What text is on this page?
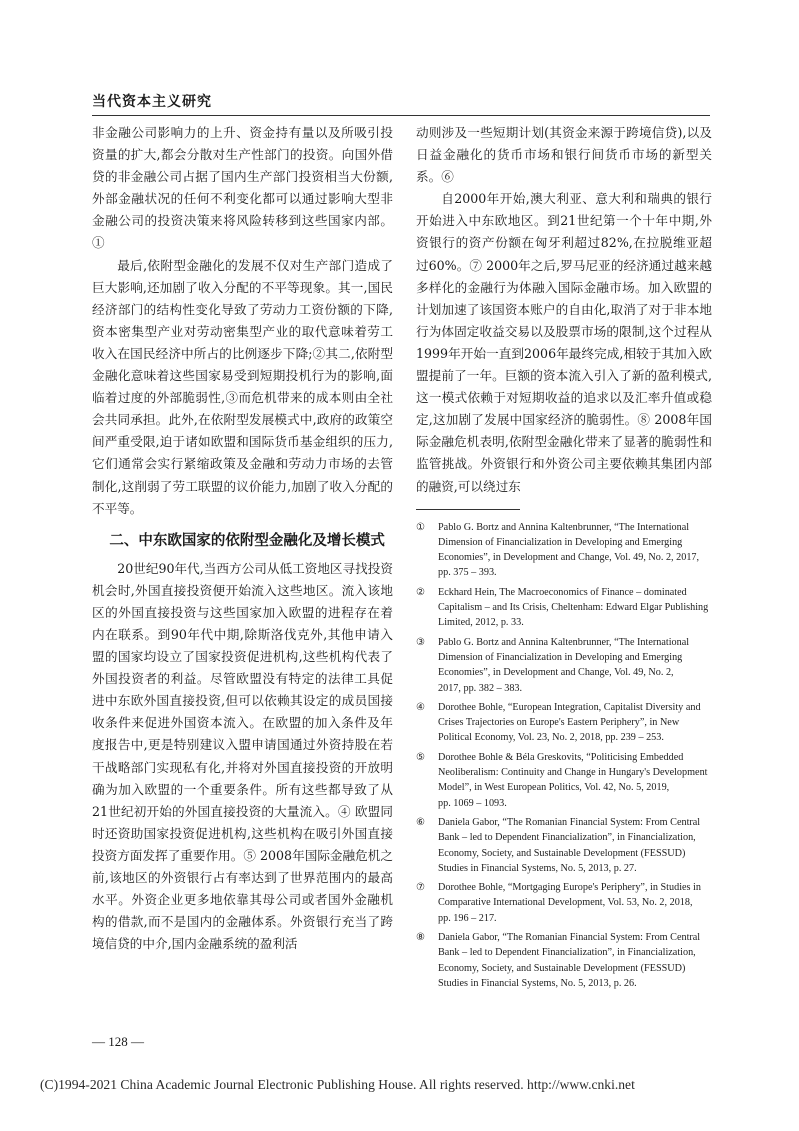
当代资本主义研究

非金融公司影响力的上升、资金持有量以及所吸引投资量的扩大,都会分散对生产性部门的投资。向国外借贷的非金融公司占据了国内生产部门投资相当大份额,外部金融状况的任何不利变化都可以通过影响大型非金融公司的投资决策来将风险转移到这些国家内部。①

最后,依附型金融化的发展不仅对生产部门造成了巨大影响,还加剧了收入分配的不平等现象。其一,国民经济部门的结构性变化导致了劳动力工资份额的下降,资本密集型产业对劳动密集型产业的取代意味着劳工收入在国民经济中所占的比例逐步下降;②其二,依附型金融化意味着这些国家易受到短期投机行为的影响,面临着过度的外部脆弱性,③而危机带来的成本则由全社会共同承担。此外,在依附型发展模式中,政府的政策空间严重受限,迫于诸如欧盟和国际货币基金组织的压力,它们通常会实行紧缩政策及金融和劳动力市场的去管制化,这削弱了劳工联盟的议价能力,加剧了收入分配的不平等。

二、中东欧国家的依附型金融化及增长模式

20世纪90年代,当西方公司从低工资地区寻找投资机会时,外国直接投资便开始流入这些地区。流入该地区的外国直接投资与这些国家加入欧盟的进程存在着内在联系。到90年代中期,除斯洛伐克外,其他申请入盟的国家均设立了国家投资促进机构,这些机构代表了外国投资者的利益。尽管欧盟没有特定的法律工具促进中东欧外国直接投资,但可以依赖其设定的成员国接收条件来促进外国资本流入。在欧盟的加入条件及年度报告中,更是特别建议入盟申请国通过外资持股在若干战略部门实现私有化,并将对外国直接投资的开放明确为加入欧盟的一个重要条件。所有这些都导致了从21世纪初开始的外国直接投资的大量流入。④ 欧盟同时还资助国家投资促进机构,这些机构在吸引外国直接投资方面发挥了重要作用。⑤ 2008年国际金融危机之前,该地区的外资银行占有率达到了世界范围内的最高水平。外资企业更多地依靠其母公司或者国外金融机构的借款,而不是国内的金融体系。外资银行充当了跨境信贷的中介,国内金融系统的盈利活

动则涉及一些短期计划(其资金来源于跨境信贷),以及日益金融化的货币市场和银行间货币市场的新型关系。⑥

自2000年开始,澳大利亚、意大利和瑞典的银行开始进入中东欧地区。到21世纪第一个十年中期,外资银行的资产份额在匈牙利超过82%,在拉脱维亚超过60%。⑦ 2000年之后,罗马尼亚的经济通过越来越多样化的金融行为体融入国际金融市场。加入欧盟的计划加速了该国资本账户的自由化,取消了对于非本地行为体固定收益交易以及股票市场的限制,这个过程从1999年开始一直到2006年最终完成,相较于其加入欧盟提前了一年。巨额的资本流入引入了新的盈利模式,这一模式依赖于对短期收益的追求以及汇率升值或稳定,这加剧了发展中国家经济的脆弱性。⑧ 2008年国际金融危机表明,依附型金融化带来了显著的脆弱性和监管挑战。外资银行和外资公司主要依赖其集团内部的融资,可以绕过东

①	Pablo G. Bortz and Annina Kaltenbrunner, “The International
Dimension of Financialization in Developing and Emerging
Economies”, in Development and Change, Vol. 49, No. 2, 2017,
pp. 375 – 393.
②	Eckhard Hein, The Macroeconomics of Finance – dominated
Capitalism – and Its Crisis, Cheltenham: Edward Elgar Publishing
Limited, 2012, p. 33.
③	Pablo G. Bortz and Annina Kaltenbrunner, “The International
Dimension of Financialization in Developing and Emerging
Economies”, in Development and Change, Vol. 49, No. 2,
2017, pp. 382 – 383.
④	Dorothee Bohle, “European Integration, Capitalist Diversity and
Crises Trajectories on Europe's Eastern Periphery”, in New
Political Economy, Vol. 23, No. 2, 2018, pp. 239 – 253.
⑤	Dorothee Bohle & Béla Greskovits, “Politicising Embedded
Neoliberalism: Continuity and Change in Hungary's Development
Model”, in West European Politics, Vol. 42, No. 5, 2019,
pp. 1069 – 1093.
⑥	Daniela Gabor, “The Romanian Financial System: From Central
Bank – led to Dependent Financialization”, in Financialization,
Economy, Society, and Sustainable Development (FESSUD)
Studies in Financial Systems, No. 5, 2013, p. 27.
⑦	Dorothee Bohle, “Mortgaging Europe's Periphery”, in Studies in
Comparative International Development, Vol. 53, No. 2, 2018,
pp. 196 – 217.
⑧	Daniela Gabor, “The Romanian Financial System: From Central
Bank – led to Dependent Financialization”, in Financialization,
Economy, Society, and Sustainable Development (FESSUD)
Studies in Financial Systems, No. 5, 2013, p. 26.
— 128 —
(C)1994-2021 China Academic Journal Electronic Publishing House. All rights reserved. http://www.cnki.net
